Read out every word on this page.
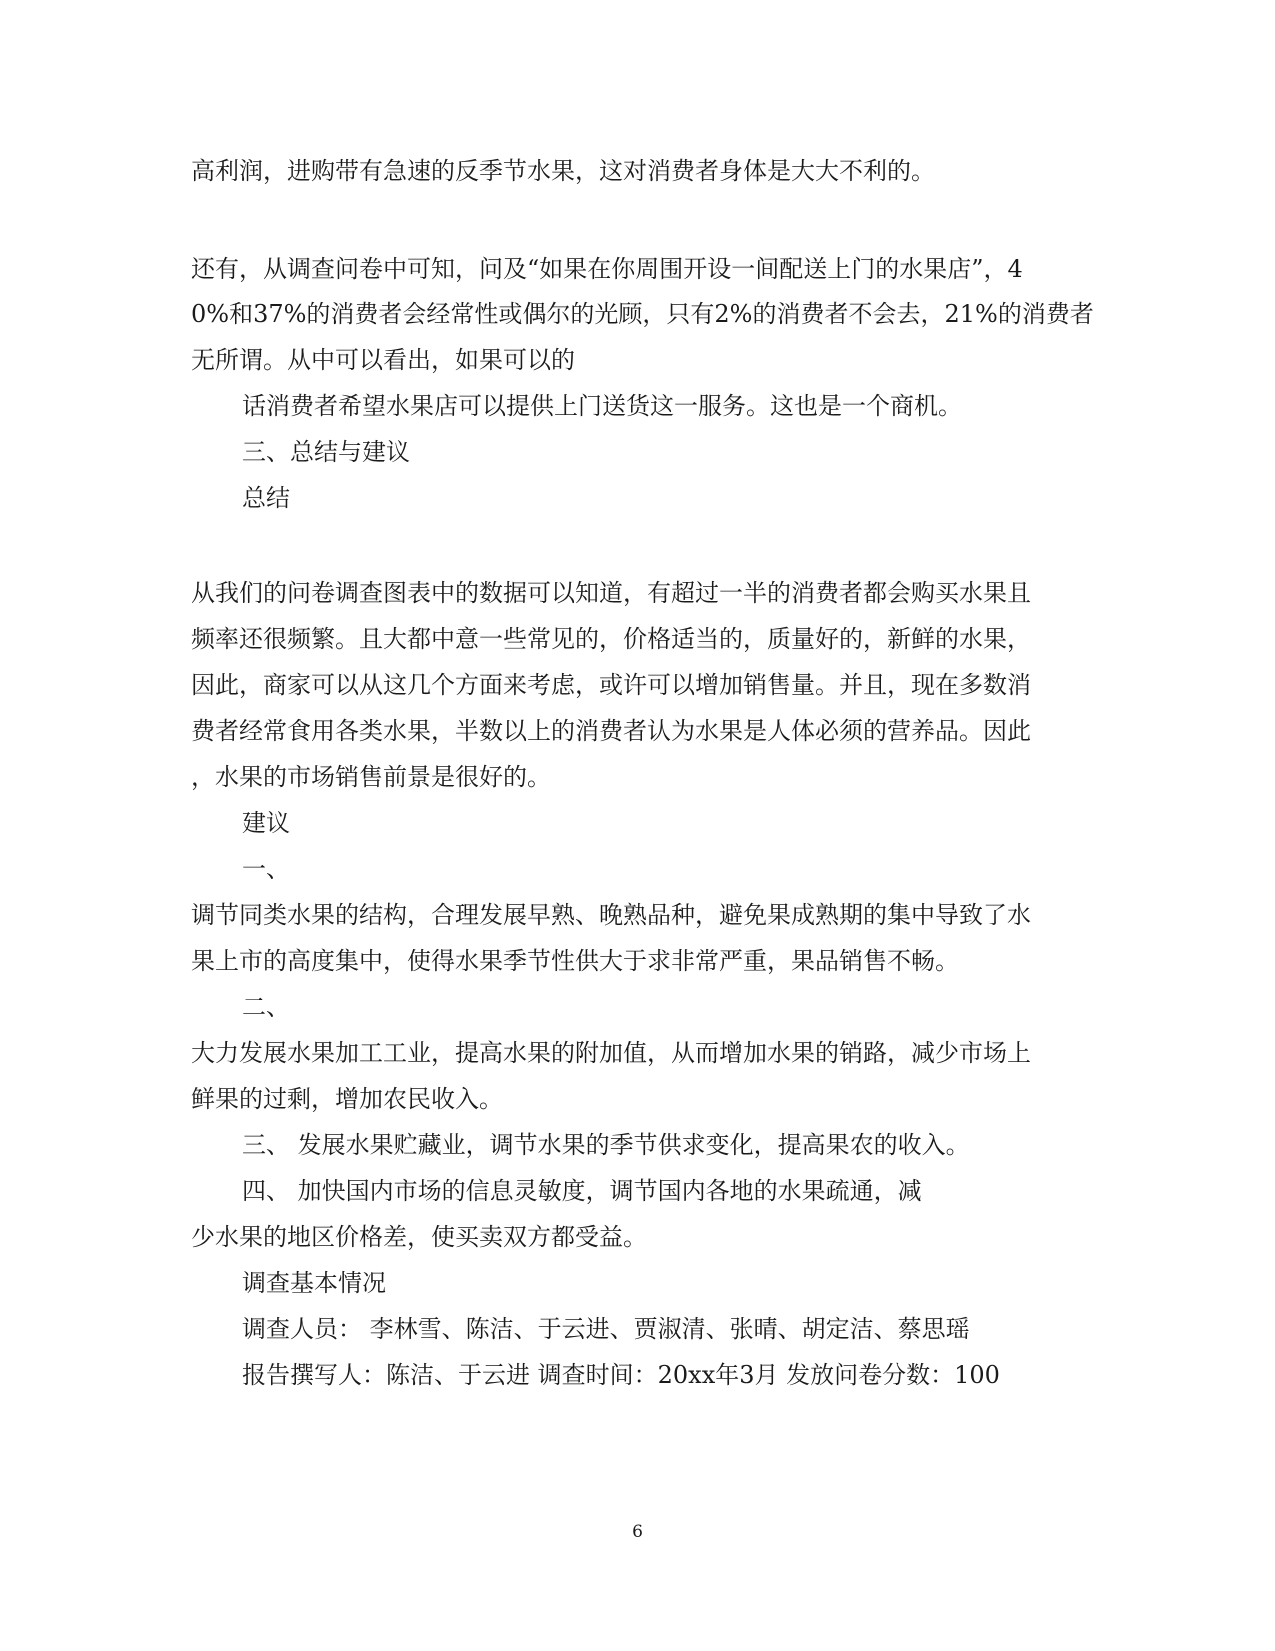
高利润，进购带有急速的反季节水果，这对消费者身体是大大不利的。
还有，从调查问卷中可知，问及“如果在你周围开设一间配送上门的水果店”，4
0%和37%的消费者会经常性或偶尔的光顾，只有2%的消费者不会去，21%的消费者
无所谓。从中可以看出，如果可以的
话消费者希望水果店可以提供上门送货这一服务。这也是一个商机。
三、总结与建议
总结
从我们的问卷调查图表中的数据可以知道，有超过一半的消费者都会购买水果且
频率还很频繁。且大都中意一些常见的，价格适当的，质量好的，新鲜的水果，
因此，商家可以从这几个方面来考虑，或许可以增加销售量。并且，现在多数消
费者经常食用各类水果，半数以上的消费者认为水果是人体必须的营养品。因此
，水果的市场销售前景是很好的。
建议
一、
调节同类水果的结构，合理发展早熟、晚熟品种，避免果成熟期的集中导致了水
果上市的高度集中，使得水果季节性供大于求非常严重，果品销售不畅。
二、
大力发展水果加工工业，提高水果的附加值，从而增加水果的销路，减少市场上
鲜果的过剩，增加农民收入。
三、 发展水果贮藏业，调节水果的季节供求变化，提高果农的收入。
四、 加快国内市场的信息灵敏度，调节国内各地的水果疏通，减
少水果的地区价格差，使买卖双方都受益。
调查基本情况
调查人员： 李林雪、陈洁、于云进、贾淑清、张晴、胡定洁、蔡思瑶
报告撰写人：陈洁、于云进 调查时间：20xx年3月 发放问卷分数：100
6
